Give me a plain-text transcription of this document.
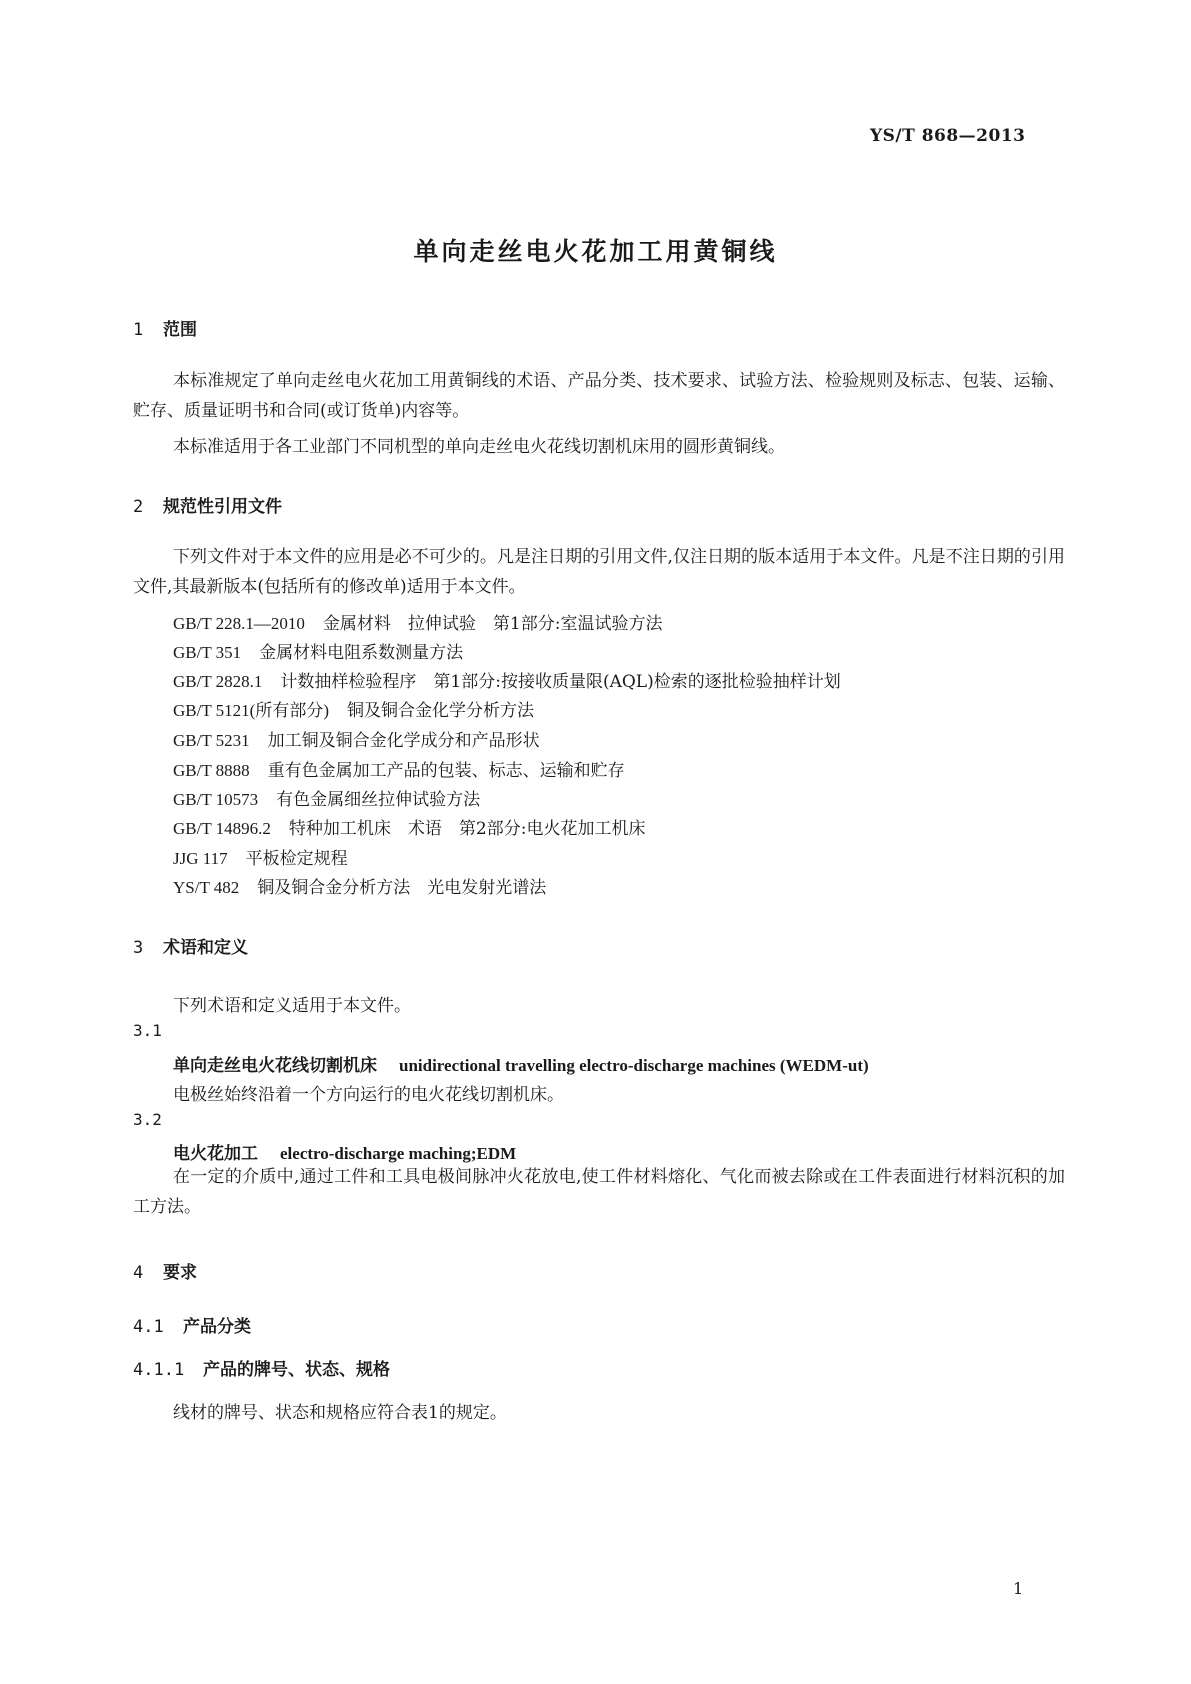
YS/T 868—2013
单向走丝电火花加工用黄铜线
1 范围
本标准规定了单向走丝电火花加工用黄铜线的术语、产品分类、技术要求、试验方法、检验规则及标志、包装、运输、贮存、质量证明书和合同(或订货单)内容等。
本标准适用于各工业部门不同机型的单向走丝电火花线切割机床用的圆形黄铜线。
2 规范性引用文件
下列文件对于本文件的应用是必不可少的。凡是注日期的引用文件,仅注日期的版本适用于本文件。凡是不注日期的引用文件,其最新版本(包括所有的修改单)适用于本文件。
GB/T 228.1—2010 金属材料　拉伸试验　第1部分:室温试验方法
GB/T 351 金属材料电阻系数测量方法
GB/T 2828.1 计数抽样检验程序　第1部分:按接收质量限(AQL)检索的逐批检验抽样计划
GB/T 5121(所有部分) 铜及铜合金化学分析方法
GB/T 5231 加工铜及铜合金化学成分和产品形状
GB/T 8888 重有色金属加工产品的包装、标志、运输和贮存
GB/T 10573 有色金属细丝拉伸试验方法
GB/T 14896.2 特种加工机床　术语　第2部分:电火花加工机床
JJG 117 平板检定规程
YS/T 482 铜及铜合金分析方法　光电发射光谱法
3 术语和定义
下列术语和定义适用于本文件。
3.1
单向走丝电火花线切割机床 unidirectional travelling electro-discharge machines (WEDM-ut)
电极丝始终沿着一个方向运行的电火花线切割机床。
3.2
电火花加工 electro-discharge maching;EDM
在一定的介质中,通过工件和工具电极间脉冲火花放电,使工件材料熔化、气化而被去除或在工件表面进行材料沉积的加工方法。
4 要求
4.1 产品分类
4.1.1 产品的牌号、状态、规格
线材的牌号、状态和规格应符合表1的规定。
1
